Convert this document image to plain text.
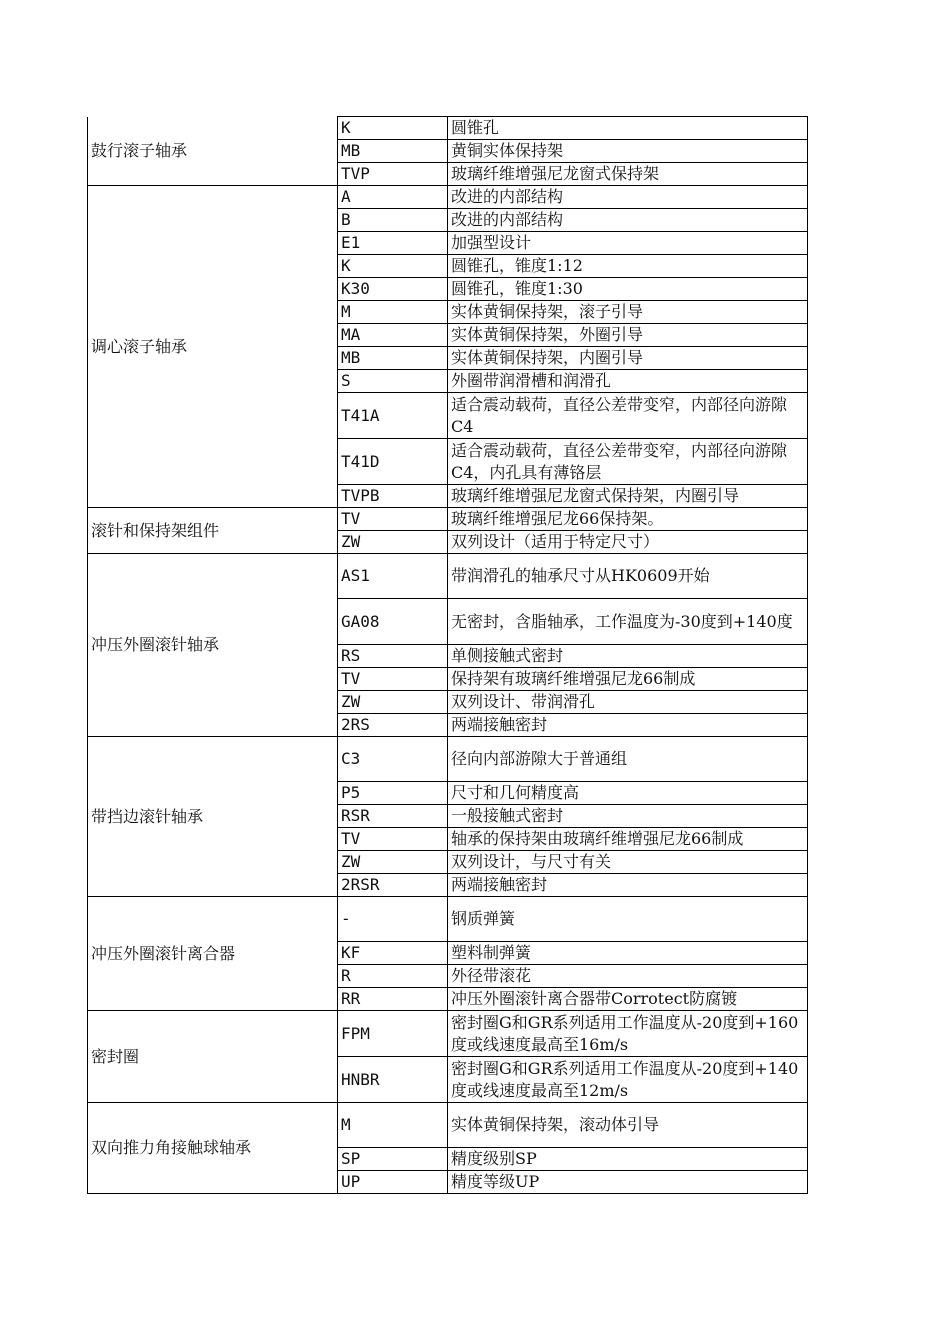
鼓行滚子轴承	K	圆锥孔
	MB	黄铜实体保持架
	TVP	玻璃纤维增强尼龙窗式保持架
调心滚子轴承	A	改进的内部结构
	B	改进的内部结构
	E1	加强型设计
	K	圆锥孔，锥度1:12
	K30	圆锥孔，锥度1:30
	M	实体黄铜保持架，滚子引导
	MA	实体黄铜保持架，外圈引导
	MB	实体黄铜保持架，内圈引导
	S	外圈带润滑槽和润滑孔
	T41A	适合震动载荷，直径公差带变窄，内部径向游隙C4
	T41D	适合震动载荷，直径公差带变窄，内部径向游隙C4，内孔具有薄铬层
	TVPB	玻璃纤维增强尼龙窗式保持架，内圈引导
滚针和保持架组件	TV	玻璃纤维增强尼龙66保持架。
	ZW	双列设计（适用于特定尺寸）
冲压外圈滚针轴承	AS1	带润滑孔的轴承尺寸从HK0609开始
	GA08	无密封，含脂轴承，工作温度为-30度到+140度
	RS	单侧接触式密封
	TV	保持架有玻璃纤维增强尼龙66制成
	ZW	双列设计、带润滑孔
	2RS	两端接触密封
带挡边滚针轴承	C3	径向内部游隙大于普通组
	P5	尺寸和几何精度高
	RSR	一般接触式密封
	TV	轴承的保持架由玻璃纤维增强尼龙66制成
	ZW	双列设计，与尺寸有关
	2RSR	两端接触密封
冲压外圈滚针离合器	-	钢质弹簧
	KF	塑料制弹簧
	R	外径带滚花
	RR	冲压外圈滚针离合器带Corrotect防腐镀
密封圈	FPM	密封圈G和GR系列适用工作温度从-20度到+160度或线速度最高至16m/s
	HNBR	密封圈G和GR系列适用工作温度从-20度到+140度或线速度最高至12m/s
双向推力角接触球轴承	M	实体黄铜保持架，滚动体引导
	SP	精度级别SP
	UP	精度等级UP
